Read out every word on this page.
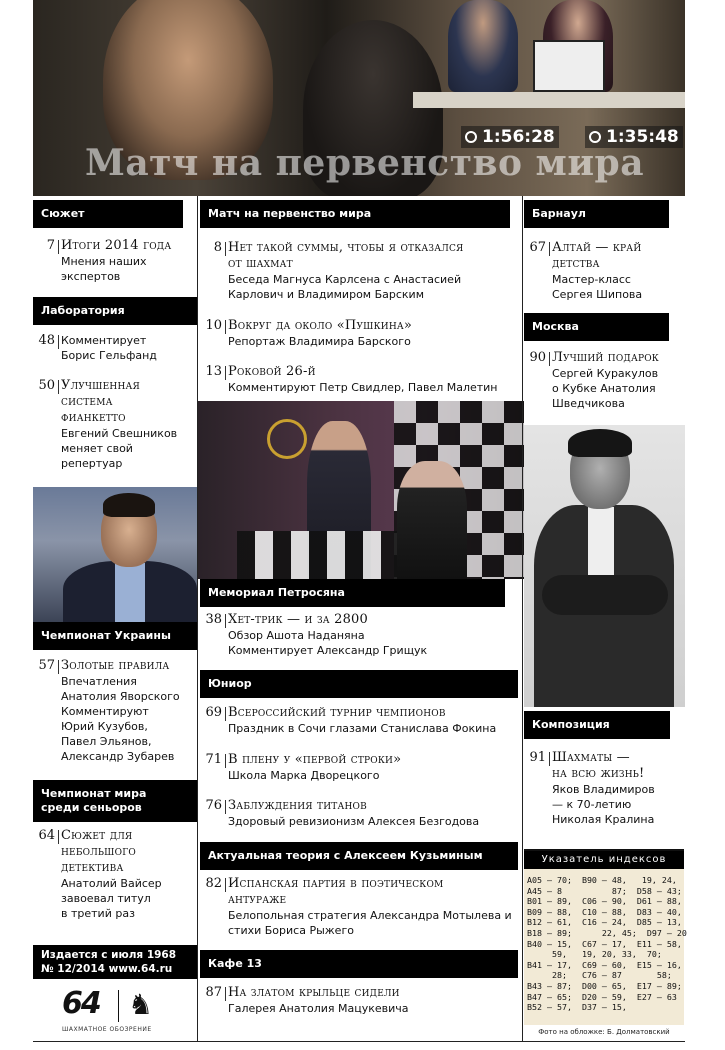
1:56:28	1:35:48
Матч на первенство мира
Сюжет
7 Итоги 2014 года
Мнения наших
экспертов
Лаборатория
48 Комментирует
Борис Гельфанд
50 Улучшенная
система
фианкетто
Евгений Свешников
меняет свой
репертуар
Чемпионат Украины
57 Золотые правила
Впечатления
Анатолия Яворского
Комментируют
Юрий Кузубов,
Павел Эльянов,
Александр Зубарев
Чемпионат мира
среди сеньоров
64 Сюжет для
небольшого
детектива
Анатолий Вайсер
завоевал титул
в третий раз
Издается с июля 1968
№ 12/2014 www.64.ru
64 ♞
ШАХМАТНОЕ ОБОЗРЕНИЕ
Матч на первенство мира
8 Нет такой суммы, чтобы я отказался
от шахмат
Беседа Магнуса Карлсена с Анастасией
Карлович и Владимиром Барским
10 Вокруг да около «Пушкина»
Репортаж Владимира Барского
13 Роковой 26-й
Комментируют Петр Свидлер, Павел Малетин
Мемориал Петросяна
38 Хет-трик — и за 2800
Обзор Ашота Наданяна
Комментирует Александр Грищук
Юниор
69 Всероссийский турнир чемпионов
Праздник в Сочи глазами Станислава Фокина
71 В плену у «первой строки»
Школа Марка Дворецкого
76 Заблуждения титанов
Здоровый ревизионизм Алексея Безгодова
Актуальная теория с Алексеем Кузьминым
82 Испанская партия в поэтическом
антураже
Белопольная стратегия Александра Мотылева и
стихи Бориса Рыжего
Кафе 13
87 На златом крыльце сидели
Галерея Анатолия Мацукевича
Барнаул
67 Алтай — край
детства
Мастер-класс
Сергея Шипова
Москва
90 Лучший подарок
Сергей Куракулов
о Кубке Анатолия
Шведчикова
Композиция
91 Шахматы —
на всю жизнь!
Яков Владимиров
— к 70-летию
Николая Кралина
Указатель индексов
A05 – 70;  B90 – 48,   19, 24,
A45 – 8          87;  D58 – 43;
B01 – 89,  C06 – 90,  D61 – 88,
B09 – 88,  C10 – 88,  D83 – 40,
B12 – 61,  C16 – 24,  D85 – 13,
B18 – 89;      22, 45;  D97 – 20
B40 – 15,  C67 – 17,  E11 – 58,
59,   19, 20, 33,  70;
B41 – 17,  C69 – 60,  E15 – 16,
28;   C76 – 87       58;
B43 – 87;  D00 – 65,  E17 – 89;
B47 – 65;  D20 – 59,  E27 – 63
B52 – 57,  D37 – 15,
Фото на обложке: Б. Долматовский
